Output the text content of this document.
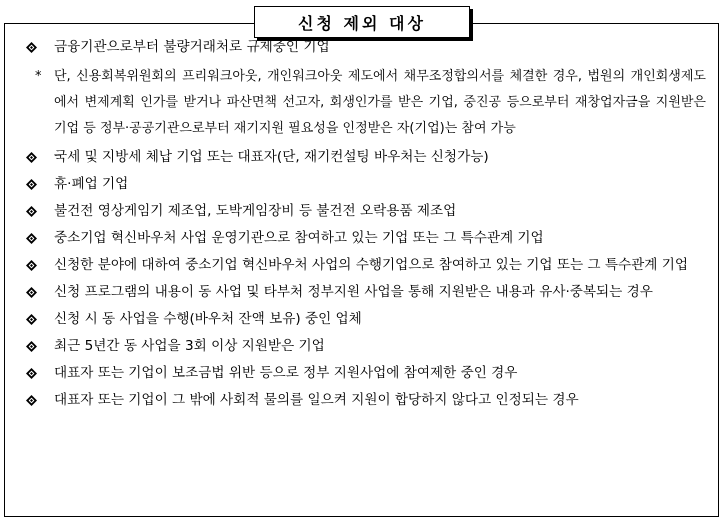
신청 제외 대상
금융기관으로부터 불량거래처로 규제중인 기업
* 단, 신용회복위원회의 프리워크아웃, 개인워크아웃 제도에서 채무조정합의서를 체결한 경우, 법원의 개인회생제도에서 변제계획 인가를 받거나 파산면책 선고자, 회생인가를 받은 기업, 중진공 등으로부터 재창업자금을 지원받은 기업 등 정부·공공기관으로부터 재기지원 필요성을 인정받은 자(기업)는 참여 가능
국세 및 지방세 체납 기업 또는 대표자(단, 재기컨설팅 바우처는 신청가능)
휴·폐업 기업
불건전 영상게임기 제조업, 도박게임장비 등 불건전 오락용품 제조업
중소기업 혁신바우처 사업 운영기관으로 참여하고 있는 기업 또는 그 특수관계 기업
신청한 분야에 대하여 중소기업 혁신바우처 사업의 수행기업으로 참여하고 있는 기업 또는 그 특수관계 기업
신청 프로그램의 내용이 동 사업 및 타부처 정부지원 사업을 통해 지원받은 내용과 유사·중복되는 경우
신청 시 동 사업을 수행(바우처 잔액 보유) 중인 업체
최근 5년간 동 사업을 3회 이상 지원받은 기업
대표자 또는 기업이 보조금법 위반 등으로 정부 지원사업에 참여제한 중인 경우
대표자 또는 기업이 그 밖에 사회적 물의를 일으켜 지원이 합당하지 않다고 인정되는 경우
